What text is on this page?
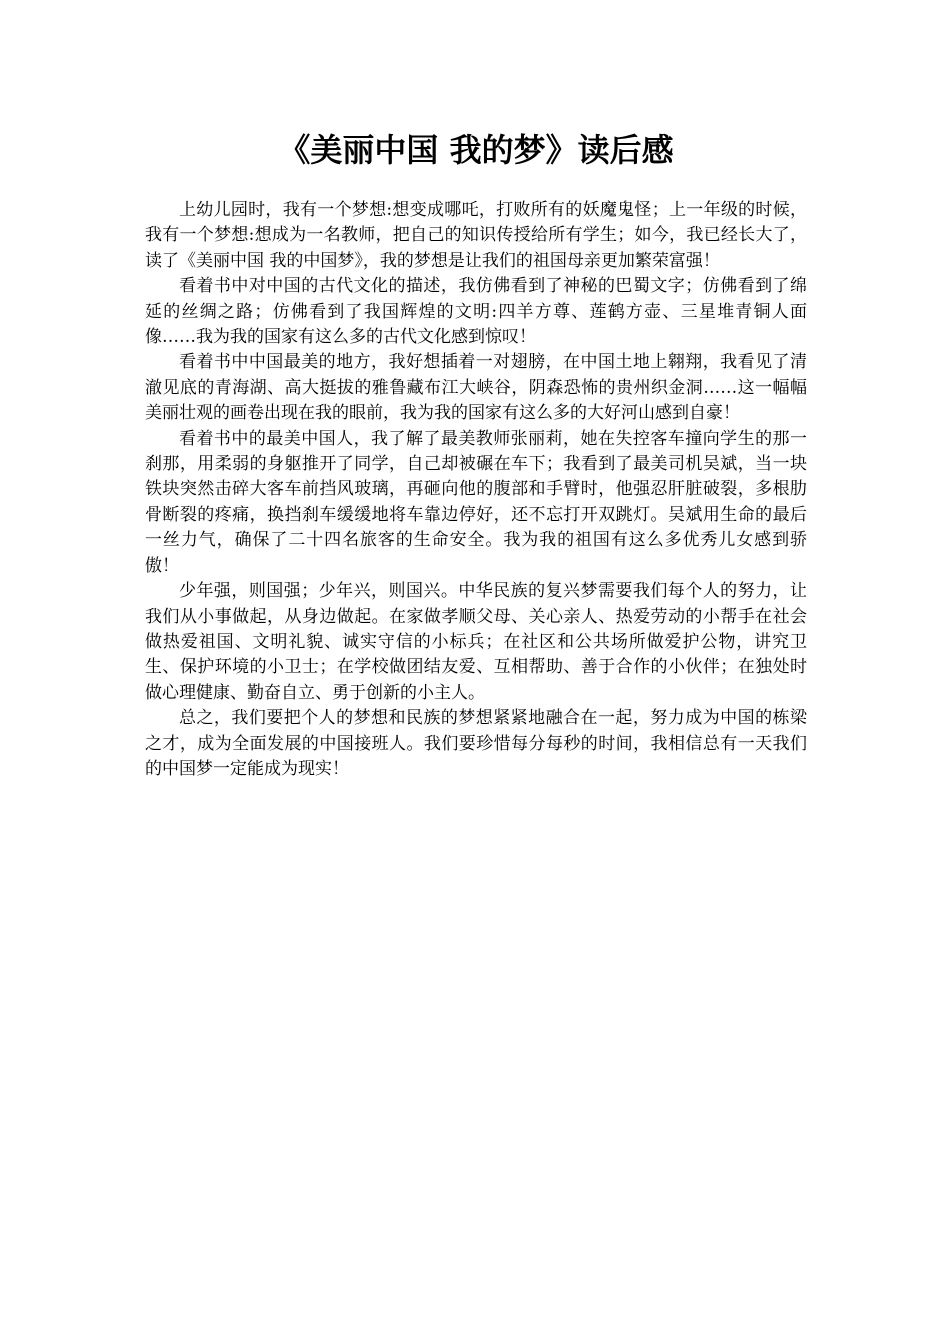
《美丽中国 我的梦》读后感

上幼儿园时，我有一个梦想:想变成哪吒，打败所有的妖魔鬼怪；上一年级的时候，我有一个梦想:想成为一名教师，把自己的知识传授给所有学生；如今，我已经长大了，读了《美丽中国 我的中国梦》，我的梦想是让我们的祖国母亲更加繁荣富强！

看着书中对中国的古代文化的描述，我仿佛看到了神秘的巴蜀文字；仿佛看到了绵延的丝绸之路；仿佛看到了我国辉煌的文明:四羊方尊、莲鹤方壶、三星堆青铜人面像……我为我的国家有这么多的古代文化感到惊叹！

看着书中中国最美的地方，我好想插着一对翅膀，在中国土地上翱翔，我看见了清澈见底的青海湖、高大挺拔的雅鲁藏布江大峡谷，阴森恐怖的贵州织金洞……这一幅幅美丽壮观的画卷出现在我的眼前，我为我的国家有这么多的大好河山感到自豪！

看着书中的最美中国人，我了解了最美教师张丽莉，她在失控客车撞向学生的那一刹那，用柔弱的身躯推开了同学，自己却被碾在车下；我看到了最美司机吴斌，当一块铁块突然击碎大客车前挡风玻璃，再砸向他的腹部和手臂时，他强忍肝脏破裂，多根肋骨断裂的疼痛，换挡刹车缓缓地将车靠边停好，还不忘打开双跳灯。吴斌用生命的最后一丝力气，确保了二十四名旅客的生命安全。我为我的祖国有这么多优秀儿女感到骄傲！

少年强，则国强；少年兴，则国兴。中华民族的复兴梦需要我们每个人的努力，让我们从小事做起，从身边做起。在家做孝顺父母、关心亲人、热爱劳动的小帮手在社会做热爱祖国、文明礼貌、诚实守信的小标兵；在社区和公共场所做爱护公物，讲究卫生、保护环境的小卫士；在学校做团结友爱、互相帮助、善于合作的小伙伴；在独处时做心理健康、勤奋自立、勇于创新的小主人。

总之，我们要把个人的梦想和民族的梦想紧紧地融合在一起，努力成为中国的栋梁之才，成为全面发展的中国接班人。我们要珍惜每分每秒的时间，我相信总有一天我们的中国梦一定能成为现实！
